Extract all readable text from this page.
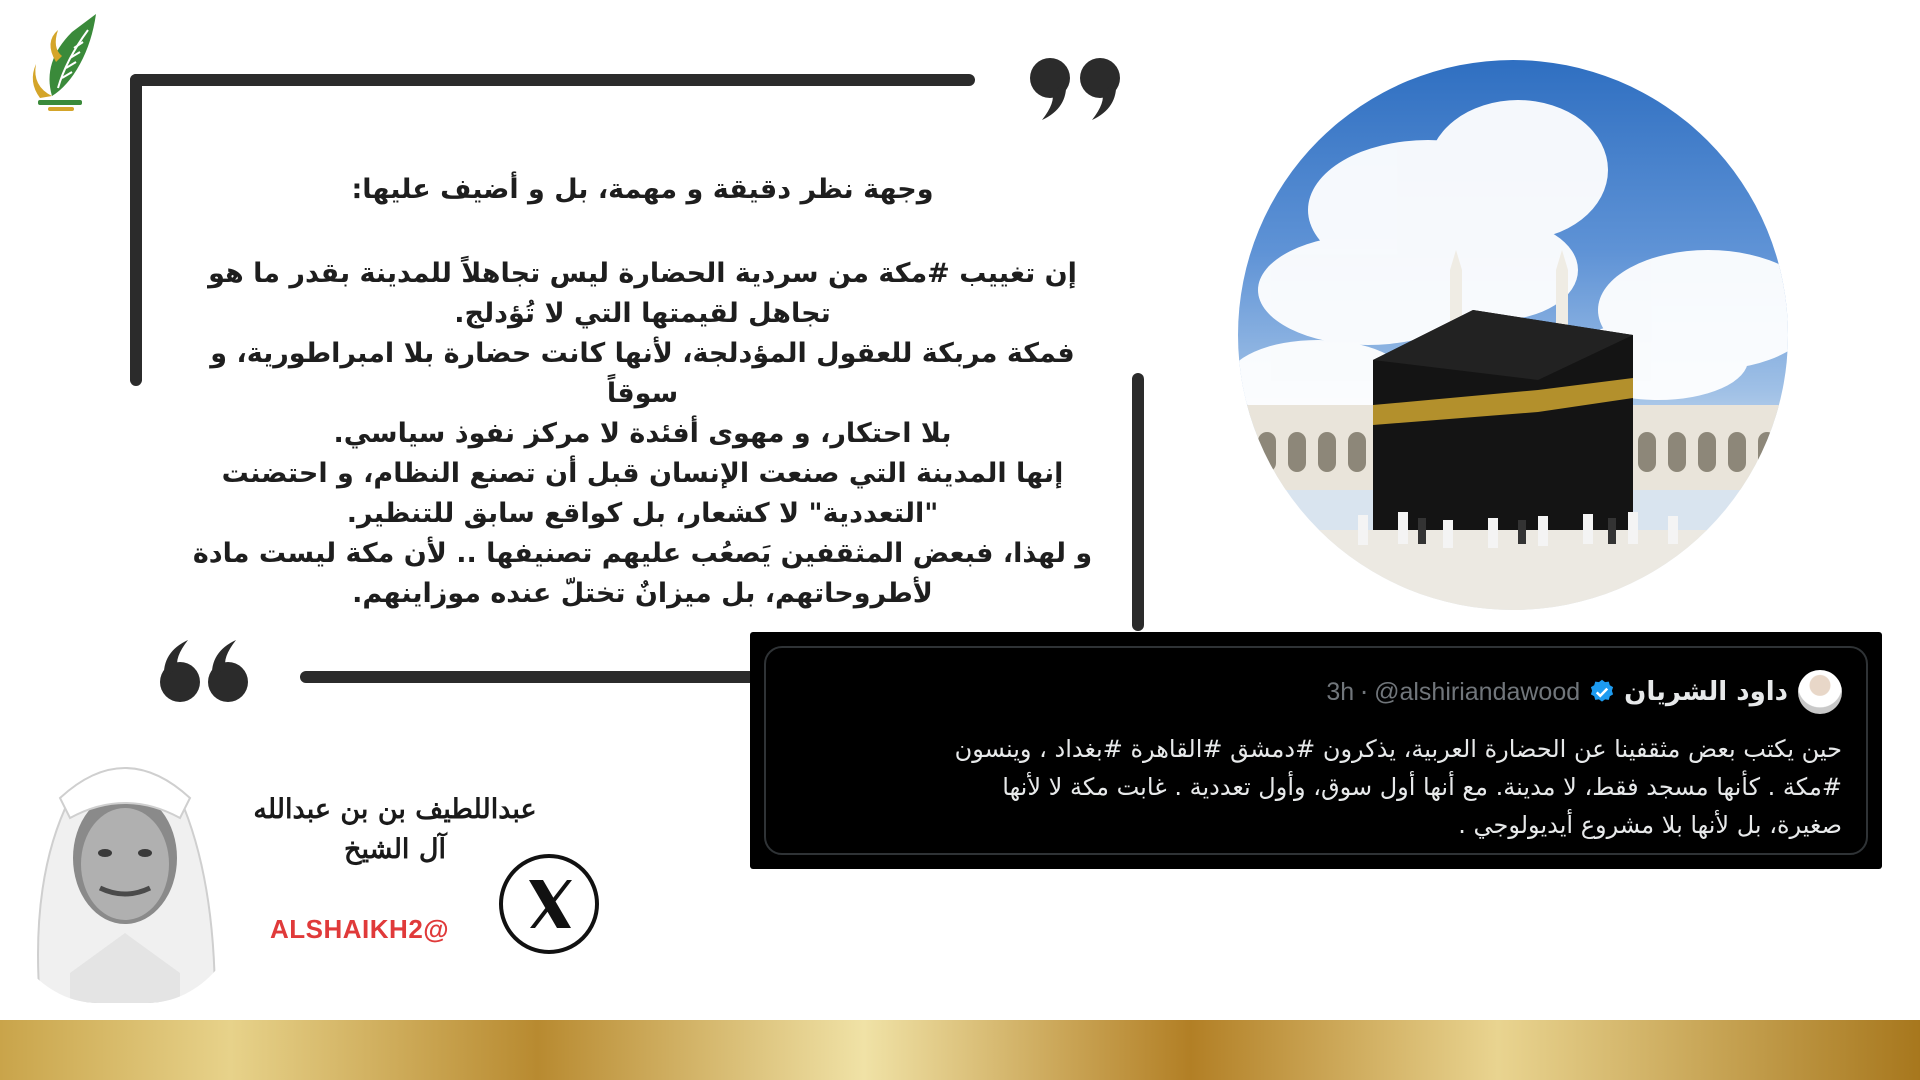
وجهة نظر دقيقة و مهمة، بل و أضيف عليها:

إن تغييب #مكة من سردية الحضارة ليس تجاهلاً للمدينة بقدر ما هو

تجاهل لقيمتها التي لا تُؤدلج.

فمكة مربكة للعقول المؤدلجة، لأنها كانت حضارة بلا امبراطورية، و سوقاً

بلا احتكار، و مهوى أفئدة لا مركز نفوذ سياسي.

إنها المدينة التي صنعت الإنسان قبل أن تصنع النظام، و احتضنت

"التعددية" لا كشعار، بل كواقع سابق للتنظير.

و لهذا، فبعض المثقفين يَصعُب عليهم تصنيفها .. لأن مكة ليست مادة

لأطروحاتهم، بل ميزانٌ تختلّ عنده موزاينهم.

داود الشريان
@alshiriandawood
·
3h

حين يكتب بعض مثقفينا عن الحضارة العربية، يذكرون #دمشق #القاهرة #بغداد ، وينسون

#مكة . كأنها مسجد فقط، لا مدينة. مع أنها أول سوق، وأول تعددية . غابت مكة لا لأنها

صغيرة، بل لأنها بلا مشروع أيديولوجي .

عبداللطيف بن بن عبدالله
آل الشيخ
ALSHAIKH2@
